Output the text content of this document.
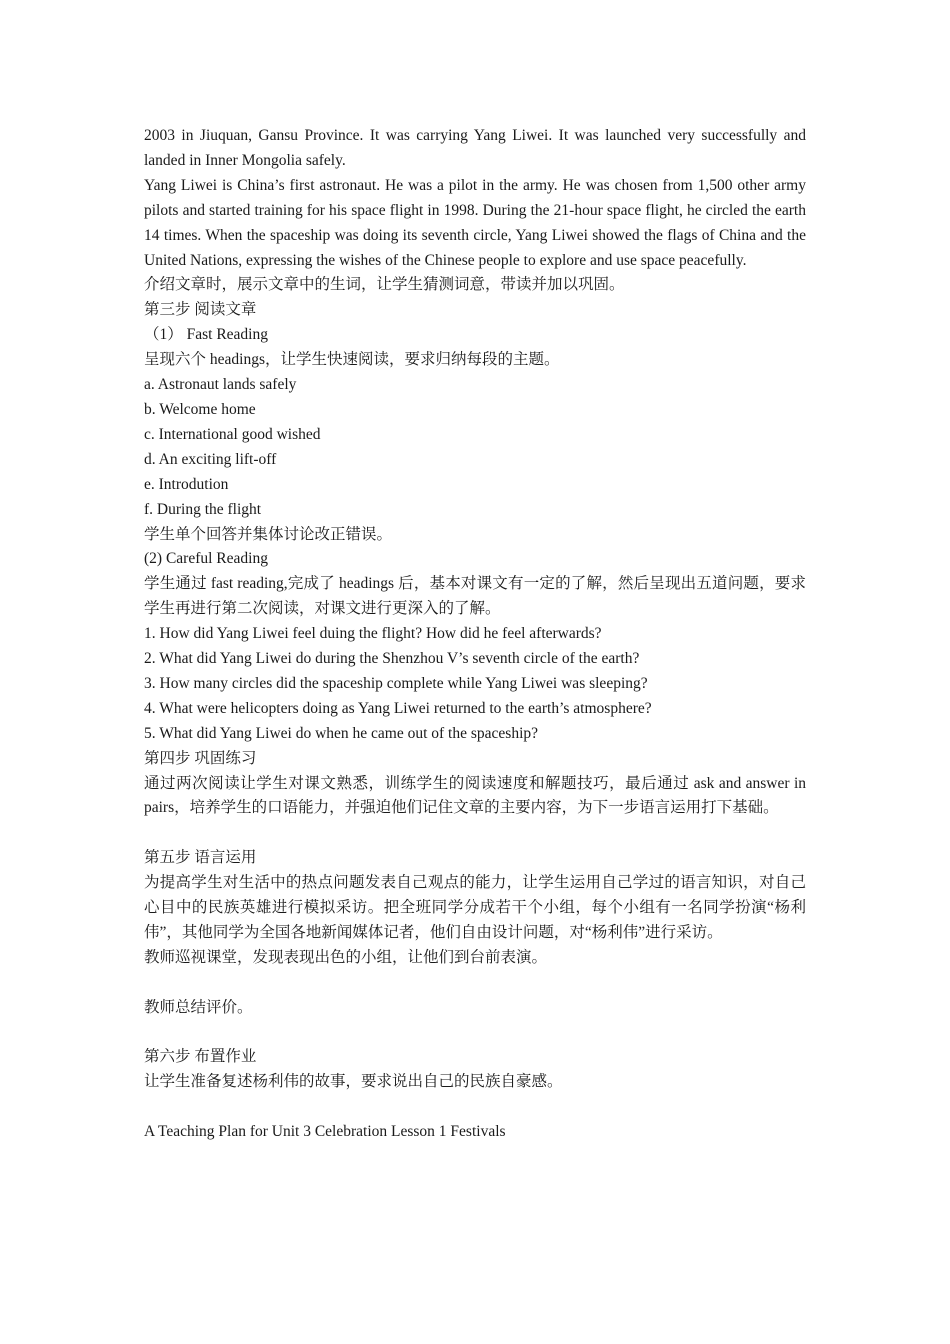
2003 in Jiuquan, Gansu Province. It was carrying Yang Liwei. It was launched very successfully and landed in Inner Mongolia safely.

Yang Liwei is China’s first astronaut. He was a pilot in the army. He was chosen from 1,500 other army pilots and started training for his space flight in 1998. During the 21-hour space flight, he circled the earth 14 times. When the spaceship was doing its seventh circle, Yang Liwei showed the flags of China and the United Nations, expressing the wishes of the Chinese people to explore and use space peacefully.

介绍文章时，展示文章中的生词，让学生猜测词意，带读并加以巩固。

第三步 阅读文章

（1） Fast Reading

呈现六个 headings，让学生快速阅读，要求归纳每段的主题。

a. Astronaut lands safely

b. Welcome home

c. International good wished

d. An exciting lift-off

e. Introdution

f. During the flight

学生单个回答并集体讨论改正错误。

(2) Careful Reading

学生通过 fast reading,完成了 headings 后，基本对课文有一定的了解，然后呈现出五道问题，要求学生再进行第二次阅读，对课文进行更深入的了解。

1. How did Yang Liwei feel duing the flight? How did he feel afterwards?

2. What did Yang Liwei do during the Shenzhou V’s seventh circle of the earth?

3. How many circles did the spaceship complete while Yang Liwei was sleeping?

4. What were helicopters doing as Yang Liwei returned to the earth’s atmosphere?

5. What did Yang Liwei do when he came out of the spaceship?

第四步 巩固练习

通过两次阅读让学生对课文熟悉，训练学生的阅读速度和解题技巧，最后通过 ask and answer in pairs，培养学生的口语能力，并强迫他们记住文章的主要内容，为下一步语言运用打下基础。

第五步 语言运用

为提高学生对生活中的热点问题发表自己观点的能力，让学生运用自己学过的语言知识，对自己心目中的民族英雄进行模拟采访。把全班同学分成若干个小组，每个小组有一名同学扮演“杨利伟”，其他同学为全国各地新闻媒体记者，他们自由设计问题，对“杨利伟”进行采访。

教师巡视课堂，发现表现出色的小组，让他们到台前表演。

教师总结评价。

第六步 布置作业

让学生准备复述杨利伟的故事，要求说出自己的民族自豪感。

A Teaching Plan for Unit 3 Celebration Lesson 1 Festivals
